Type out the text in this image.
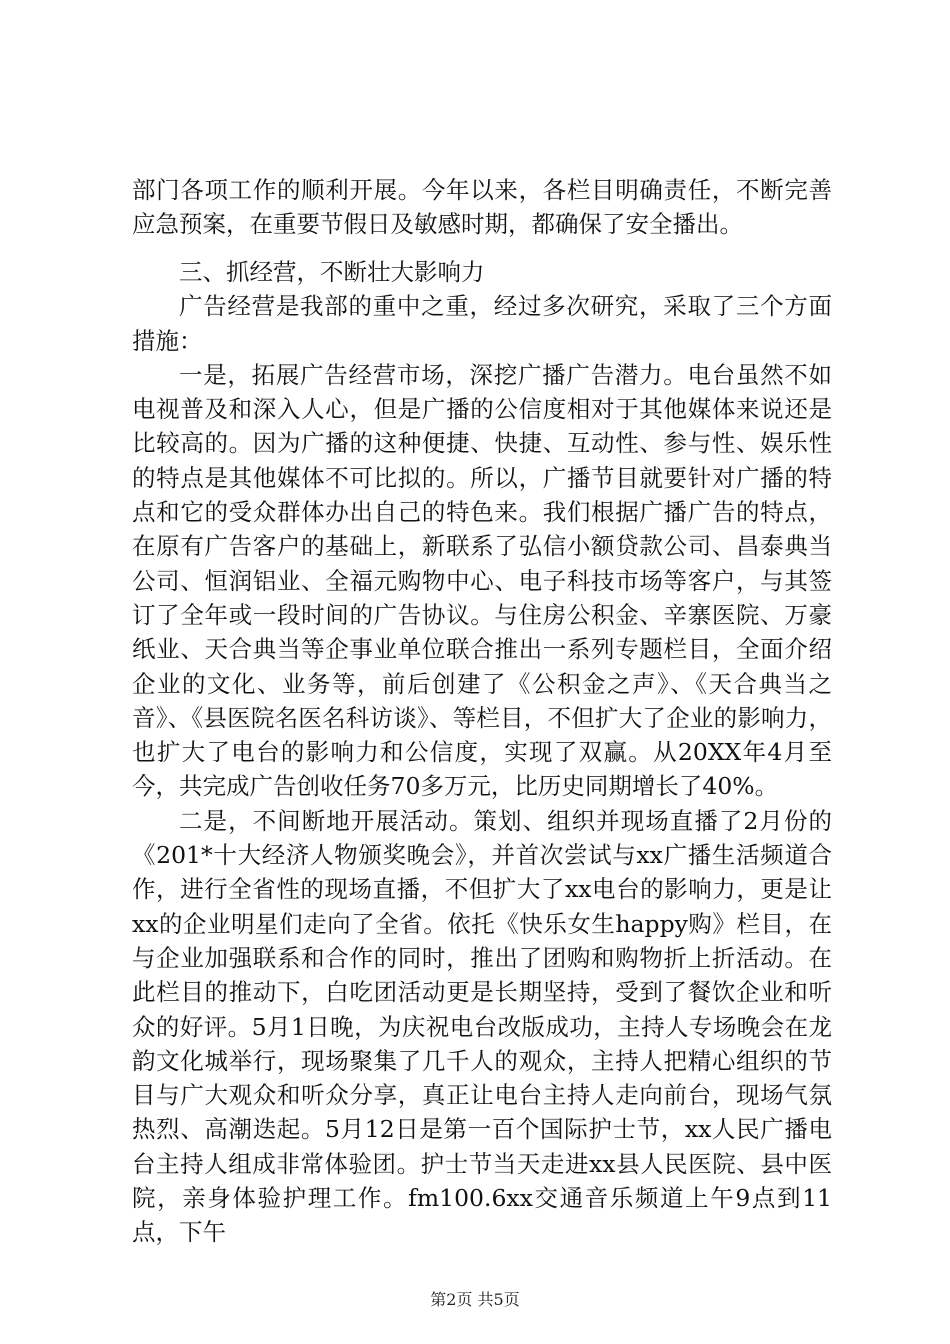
部门各项工作的顺利开展。今年以来，各栏目明确责任，不断完善应急预案，在重要节假日及敏感时期，都确保了安全播出。

三、抓经营，不断壮大影响力

广告经营是我部的重中之重，经过多次研究，采取了三个方面措施：

一是，拓展广告经营市场，深挖广播广告潜力。电台虽然不如电视普及和深入人心，但是广播的公信度相对于其他媒体来说还是比较高的。因为广播的这种便捷、快捷、互动性、参与性、娱乐性的特点是其他媒体不可比拟的。所以，广播节目就要针对广播的特点和它的受众群体办出自己的特色来。我们根据广播广告的特点，在原有广告客户的基础上，新联系了弘信小额贷款公司、昌泰典当公司、恒润铝业、全福元购物中心、电子科技市场等客户，与其签订了全年或一段时间的广告协议。与住房公积金、辛寨医院、万豪纸业、天合典当等企事业单位联合推出一系列专题栏目，全面介绍企业的文化、业务等，前后创建了《公积金之声》、《天合典当之音》、《县医院名医名科访谈》、等栏目，不但扩大了企业的影响力，也扩大了电台的影响力和公信度，实现了双赢。从20XX年4月至今，共完成广告创收任务70多万元，比历史同期增长了40%。

二是，不间断地开展活动。策划、组织并现场直播了2月份的《201*十大经济人物颁奖晚会》，并首次尝试与xx广播生活频道合作，进行全省性的现场直播，不但扩大了xx电台的影响力，更是让xx的企业明星们走向了全省。依托《快乐女生happy购》栏目，在与企业加强联系和合作的同时，推出了团购和购物折上折活动。在此栏目的推动下，白吃团活动更是长期坚持，受到了餐饮企业和听众的好评。5月1日晚，为庆祝电台改版成功，主持人专场晚会在龙韵文化城举行，现场聚集了几千人的观众，主持人把精心组织的节目与广大观众和听众分享，真正让电台主持人走向前台，现场气氛热烈、高潮迭起。5月12日是第一百个国际护士节，xx人民广播电台主持人组成非常体验团。护士节当天走进xx县人民医院、县中医院，亲身体验护理工作。fm100.6xx交通音乐频道上午9点到11点，下午

第2页 共5页
